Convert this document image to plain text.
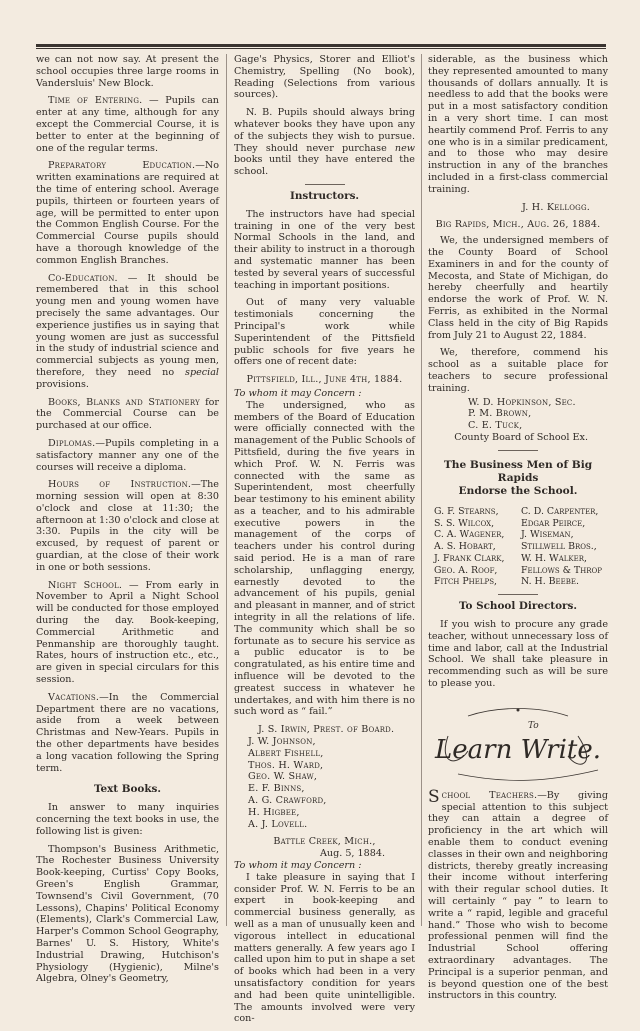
we can not now say. At present the school occupies three large rooms in Vandersluis' New Block.

Time of Entering. — Pupils can enter at any time, although for any except the Commercial Course, it is better to enter at the beginning of one of the regular terms.

Preparatory Education.—No written examinations are required at the time of entering school. Average pupils, thirteen or fourteen years of age, will be permitted to enter upon the Common English Course. For the Commercial Course pupils should have a thorough knowledge of the common English Branches.

Co-Education. — It should be remembered that in this school young men and young women have precisely the same advantages. Our experience justifies us in saying that young women are just as successful in the study of industrial science and commercial subjects as young men, therefore, they need no special provisions.

Books, Blanks and Stationery for the Commercial Course can be purchased at our office.

Diplomas.—Pupils completing in a satisfactory manner any one of the courses will receive a diploma.

Hours of Instruction.—The morning session will open at 8:30 o'clock and close at 11:30; the afternoon at 1:30 o'clock and close at 3:30. Pupils in the city will be excused, by request of parent or guardian, at the close of their work in one or both sessions.

Night School. — From early in November to April a Night School will be conducted for those employed during the day. Book-keeping, Commercial Arithmetic and Penmanship are thoroughly taught. Rates, hours of instruction etc., etc., are given in special circulars for this session.

Vacations.—In the Commercial Department there are no vacations, aside from a week between Christmas and New-Years. Pupils in the other departments have besides a long vacation following the Spring term.

Text Books.

In answer to many inquiries concerning the text books in use, the following list is given:

Thompson's Business Arithmetic, The Rochester Business University Book-keeping, Curtiss' Copy Books, Green's English Grammar, Townsend's Civil Government, (70 Lessons), Chapins' Political Economy (Elements), Clark's Commercial Law, Harper's Common School Geography, Barnes' U. S. History, White's Industrial Drawing, Hutchison's Physiology (Hygienic), Milne's Algebra, Olney's Geometry,

Gage's Physics, Storer and Elliot's Chemistry, Spelling (No book), Reading (Selections from various sources).

N. B. Pupils should always bring whatever books they have upon any of the subjects they wish to pursue. They should never purchase new books until they have entered the school.

Instructors.

The instructors have had special training in one of the very best Normal Schools in the land, and their ability to instruct in a thorough and systematic manner has been tested by several years of successful teaching in important positions.

Out of many very valuable testimonials concerning the Principal's work while Superintendent of the Pittsfield public schools for five years he offers one of recent date:

Pittsfield, Ill., June 4th, 1884.
To whom it may Concern :

The undersigned, who as members of the Board of Education were officially connected with the management of the Public Schools of Pittsfield, during the five years in which Prof. W. N. Ferris was connected with the same as Superintendent, most cheerfully bear testimony to his eminent ability as a teacher, and to his admirable executive powers in the management of the corps of teachers under his control during said period. He is a man of rare scholarship, unflagging energy, earnestly devoted to the advancement of his pupils, genial and pleasant in manner, and of strict integrity in all the relations of life. The community which shall be so fortunate as to secure his service as a public educator is to be congratulated, as his entire time and influence will be devoted to the greatest success in whatever he undertakes, and with him there is no such word as “ fail.”

J. S. Irwin, Prest. of Board.
J. W. Johnson,
Albert Fishell,
Thos. H. Ward,
Geo. W. Shaw,
E. F. Binns,
A. G. Crawford,
H. Higbee,
A. J. Lovell.
Battle Creek, Mich.,
Aug. 5, 1884.
To whom it may Concern :

I take pleasure in saying that I consider Prof. W. N. Ferris to be an expert in book-keeping and commercial business generally, as well as a man of unusually keen and vigorous intellect in educational matters generally. A few years ago I called upon him to put in shape a set of books which had been in a very unsatisfactory condition for years and had been quite unintelligible. The amounts involved were very con-

siderable, as the business which they represented amounted to many thousands of dollars annually. It is needless to add that the books were put in a most satisfactory condition in a very short time. I can most heartily commend Prof. Ferris to any one who is in a similar predicament, and to those who may desire instruction in any of the branches included in a first-class commercial training.

J. H. Kellogg.
Big Rapids, Mich., Aug. 26, 1884.

We, the undersigned members of the County Board of School Examiners in and for the county of Mecosta, and State of Michigan, do hereby cheerfully and heartily endorse the work of Prof. W. N. Ferris, as exhibited in the Normal Class held in the city of Big Rapids from July 21 to August 22, 1884.

We, therefore, commend his school as a suitable place for teachers to secure professional training.

W. D. Hopkinson, Sec.
P. M. Brown,
C. E. Tuck,
County Board of School Ex.
The Business Men of Big Rapids
Endorse the School.
G. F. Stearns,
S. S. Wilcox,
C. A. Wagener,
A. S. Hobart,
J. Frank Clark,
Geo. A. Roof,
Fitch Phelps,
C. D. Carpenter,
Edgar Peirce,
J. Wiseman,
Stillwell Bros.,
W. H. Walker,
Fellows & Throp
N. H. Beebe.
To School Directors.

If you wish to procure any grade teacher, without unnecessary loss of time and labor, call at the Industrial School. We shall take pleasure in recommending such as will be sure to please you.

To
Learn Write.

School Teachers.—By giving special attention to this subject they can attain a degree of proficiency in the art which will enable them to conduct evening classes in their own and neighboring districts, thereby greatly increasing their income without interfering with their regular school duties. It will certainly “ pay ” to learn to write a “ rapid, legible and graceful hand.” Those who wish to become professional penmen will find the Industrial School offering extraordinary advantages. The Principal is a superior penman, and is beyond question one of the best instructors in this country.
